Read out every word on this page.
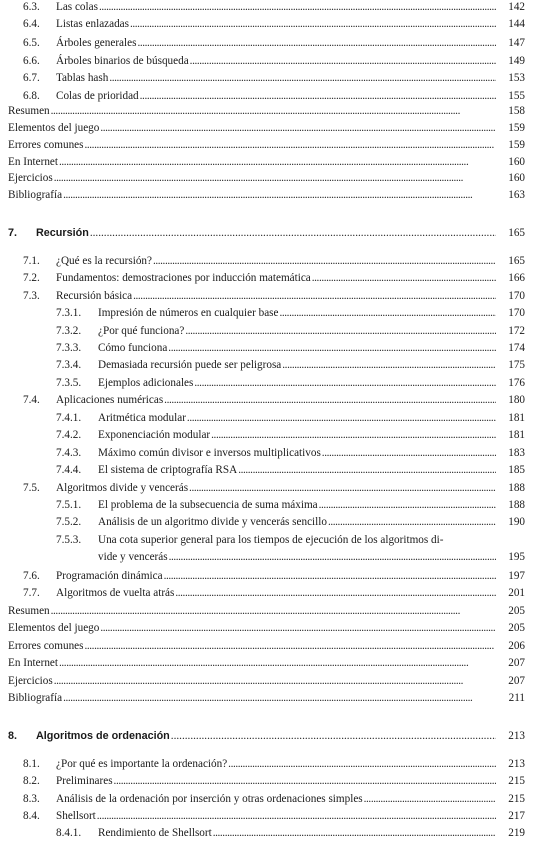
6.3. Las colas . . .	142
6.4. Listas enlazadas . . .	144
6.5. Árboles generales . . .	147
6.6. Árboles binarios de búsqueda . . .	149
6.7. Tablas hash . . .	153
6.8. Colas de prioridad . . .	155
Resumen . . .	158
Elementos del juego . . .	159
Errores comunes . . .	159
En Internet . . .	160
Ejercicios . . .	160
Bibliografía . . .	163
7. Recursión . . .	165
7.1. ¿Qué es la recursión? . . .	165
7.2. Fundamentos: demostraciones por inducción matemática . . .	166
7.3. Recursión básica . . .	170
7.3.1. Impresión de números en cualquier base . . .	170
7.3.2. ¿Por qué funciona? . . .	172
7.3.3. Cómo funciona . . .	174
7.3.4. Demasiada recursión puede ser peligrosa . . .	175
7.3.5. Ejemplos adicionales . . .	176
7.4. Aplicaciones numéricas . . .	180
7.4.1. Aritmética modular . . .	181
7.4.2. Exponenciación modular . . .	181
7.4.3. Máximo común divisor e inversos multiplicativos . . .	183
7.4.4. El sistema de criptografía RSA . . .	185
7.5. Algoritmos divide y vencerás . . .	188
7.5.1. El problema de la subsecuencia de suma máxima . . .	188
7.5.2. Análisis de un algoritmo divide y vencerás sencillo . . .	190
7.5.3. Una cota superior general para los tiempos de ejecución de los algoritmos di-
vide y vencerás . . .	195
7.6. Programación dinámica . . .	197
7.7. Algoritmos de vuelta atrás . . .	201
Resumen . . .	205
Elementos del juego . . .	205
Errores comunes . . .	206
En Internet . . .	207
Ejercicios . . .	207
Bibliografía . . .	211
8. Algoritmos de ordenación . . .	213
8.1. ¿Por qué es importante la ordenación? . . .	213
8.2. Preliminares . . .	215
8.3. Análisis de la ordenación por inserción y otras ordenaciones simples . . .	215
8.4. Shellsort . . .	217
8.4.1. Rendimiento de Shellsort . . .	219
